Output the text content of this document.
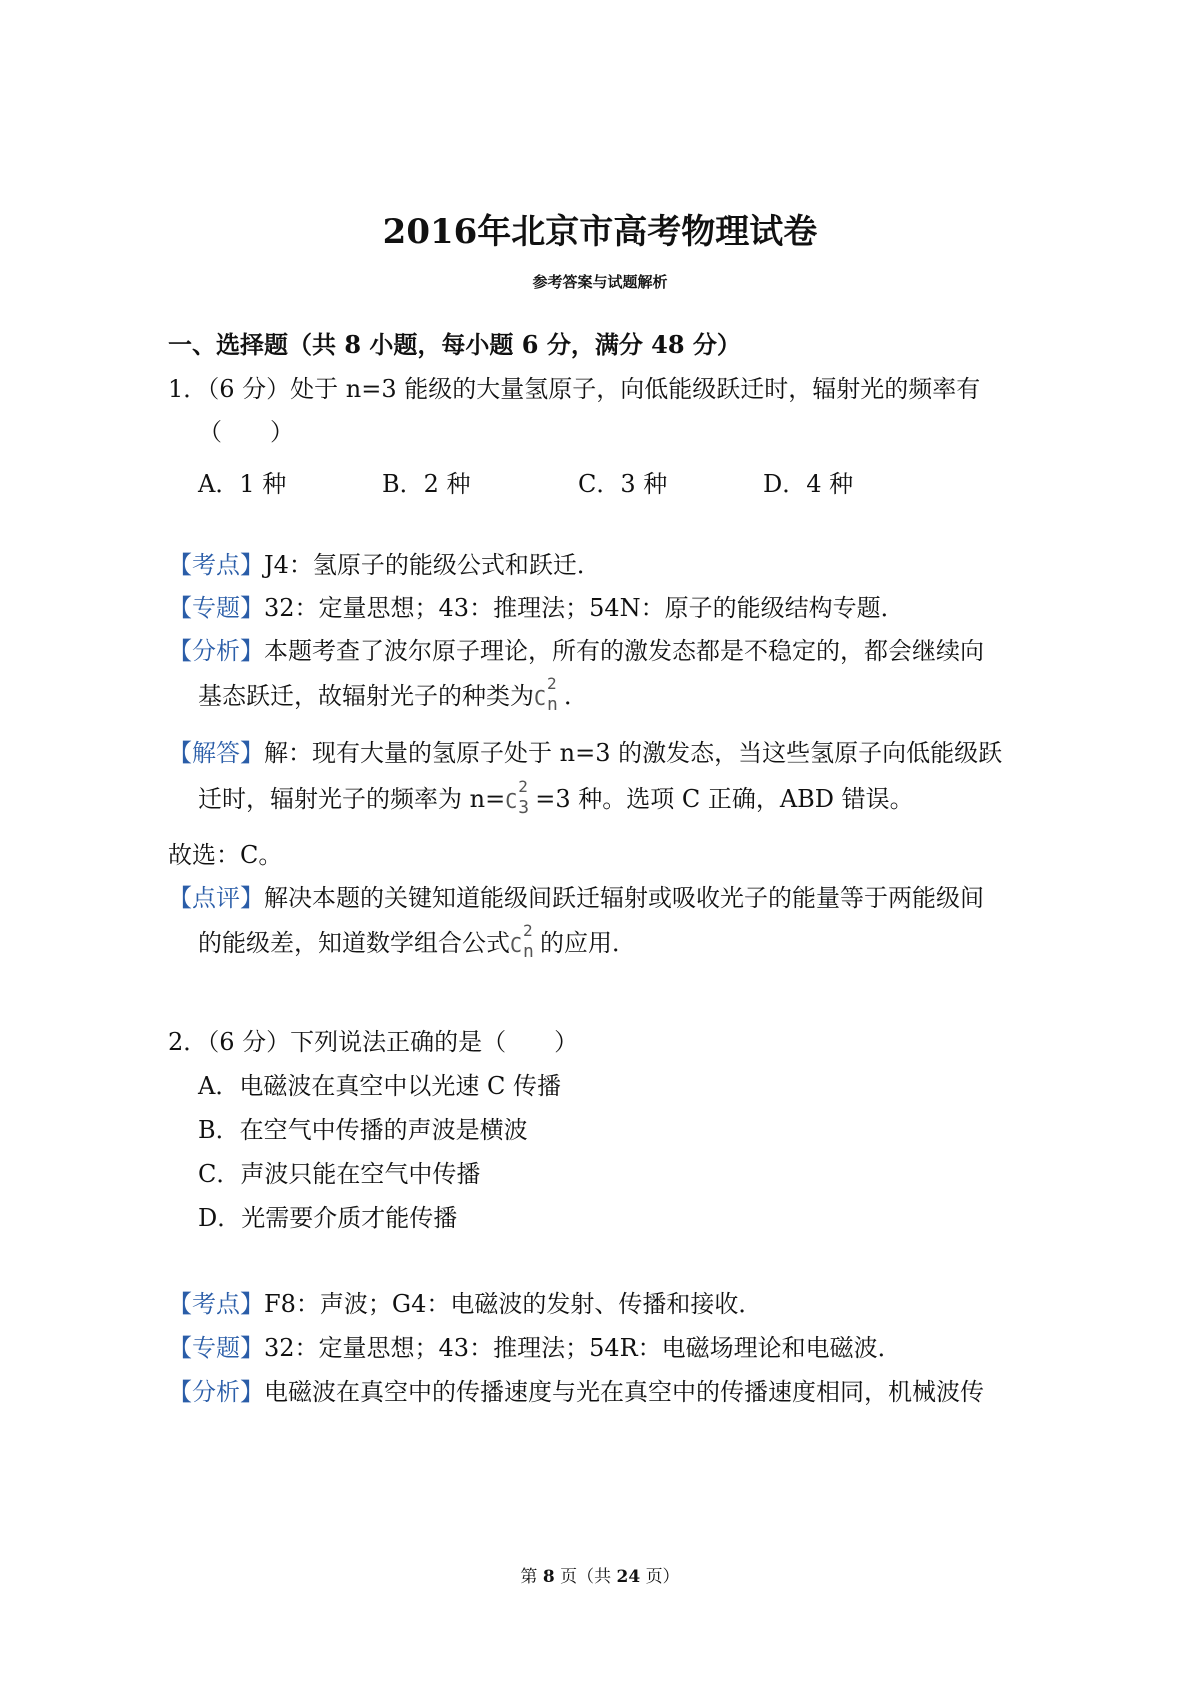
2016年北京市高考物理试卷
参考答案与试题解析
一、选择题（共 8 小题，每小题 6 分，满分 48 分）
1．（6 分）处于 n=3 能级的大量氢原子，向低能级跃迁时，辐射光的频率有
（　　）
A．1 种	B．2 种	C．3 种	D．4 种
【考点】J4：氢原子的能级公式和跃迁．
【专题】32：定量思想；43：推理法；54N：原子的能级结构专题．
【分析】本题考查了波尔原子理论，所有的激发态都是不稳定的，都会继续向
基态跃迁，故辐射光子的种类为 C
2
n ．
【解答】解：现有大量的氢原子处于 n=3 的激发态，当这些氢原子向低能级跃
迁时，辐射光子的频率为 n= C
2
3 =3 种。选项 C 正确，ABD 错误。
故选：C。
【点评】解决本题的关键知道能级间跃迁辐射或吸收光子的能量等于两能级间
的能级差，知道数学组合公式 C
2
n 的应用．
2．（6 分）下列说法正确的是（　　）
A．电磁波在真空中以光速 C 传播
B．在空气中传播的声波是横波
C．声波只能在空气中传播
D．光需要介质才能传播
【考点】F8：声波；G4：电磁波的发射、传播和接收．
【专题】32：定量思想；43：推理法；54R：电磁场理论和电磁波．
【分析】电磁波在真空中的传播速度与光在真空中的传播速度相同，机械波传
第 8 页（共 24 页）
